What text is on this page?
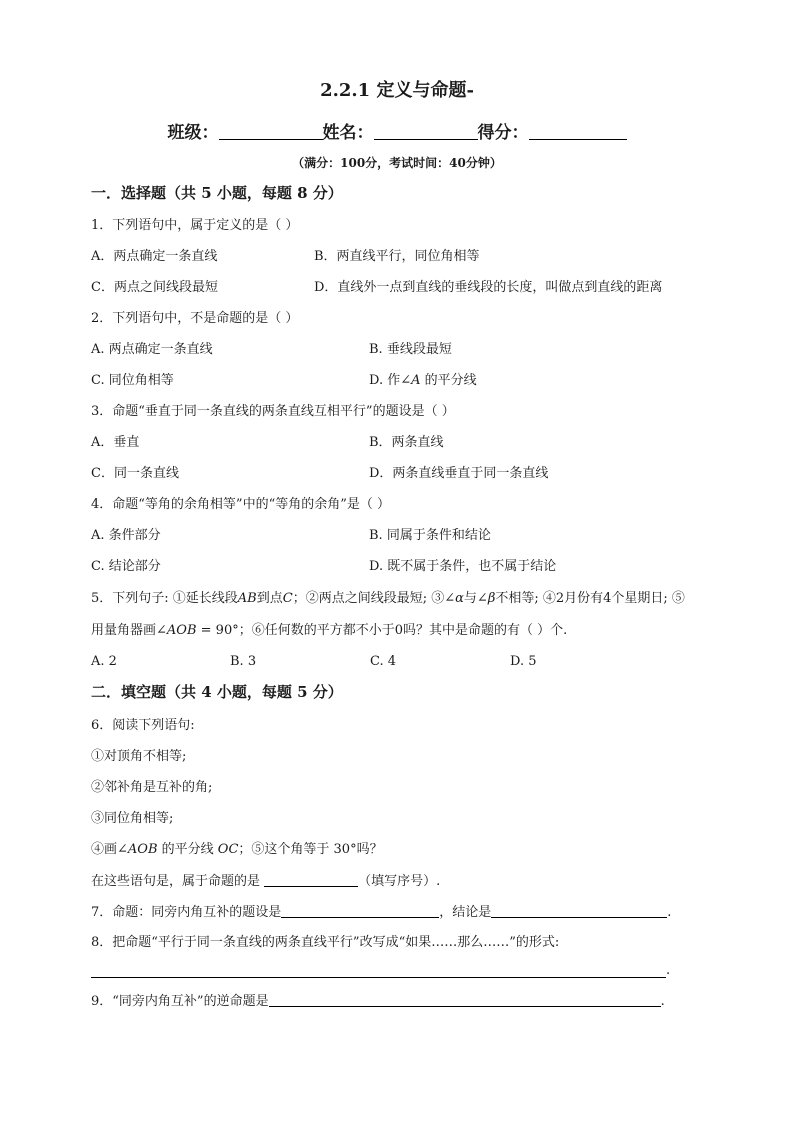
2.2.1 定义与命题-
班级：	姓名：	得分：
（满分：100分，考试时间：40分钟）
一．选择题（共 5 小题，每题 8 分）
1．下列语句中，属于定义的是（ ）
A．两点确定一条直线	B．两直线平行，同位角相等
C．两点之间线段最短	D．直线外一点到直线的垂线段的长度，叫做点到直线的距离
2．下列语句中，不是命题的是（ ）
A. 两点确定一条直线	B. 垂线段最短
C. 同位角相等	D. 作∠A 的平分线
3．命题“垂直于同一条直线的两条直线互相平行”的题设是（ ）
A．垂直	B．两条直线
C．同一条直线	D．两条直线垂直于同一条直线
4．命题“等角的余角相等”中的“等角的余角”是（ ）
A. 条件部分	B. 同属于条件和结论
C. 结论部分	D. 既不属于条件，也不属于结论
5．下列句子: ①延长线段AB到点C；②两点之间线段最短; ③∠α与∠β不相等; ④2月份有4个星期日; ⑤
用量角器画∠AOB = 90°；⑥任何数的平方都不小于0吗？其中是命题的有（ ）个.
A. 2	B. 3	C. 4	D. 5
二．填空题（共 4 小题，每题 5 分）
6．阅读下列语句:
①对顶角不相等;
②邻补角是互补的角;
③同位角相等;
④画∠AOB 的平分线 OC；⑤这个角等于 30°吗？
在这些语句是，属于命题的是	（填写序号）.
7．命题：同旁内角互补的题设是	，结论是	.
8．把命题“平行于同一条直线的两条直线平行”改写成“如果……那么……”的形式:
.
9．“同旁内角互补”的逆命题是	.
